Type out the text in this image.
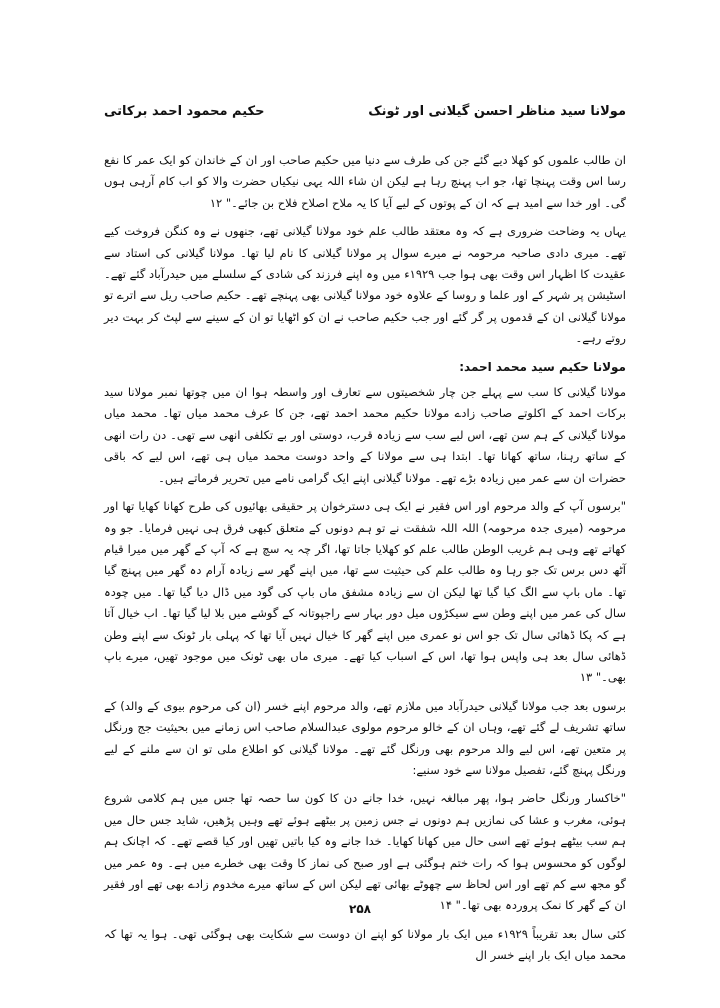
حکیم محمود احمد برکاتی	مولانا سید مناظر احسن گیلانی اور ٹونک

ان طالب علموں کو کھلا دیے گئے جن کی طرف سے دنیا میں حکیم صاحب اور ان کے خاندان کو ایک عمر کا نفع رسا اس وقت پہنچا تھا، جو اب پہنچ رہا ہے لیکن ان شاء اللہ یہی نیکیاں حضرت والا کو اب کام آرہی ہوں گی۔ اور خدا سے امید ہے کہ ان کے پوتوں کے لیے آیا کا یہ ملاح اصلاح فلاح بن جائے۔" ۱۲

یہاں یہ وضاحت ضروری ہے کہ وہ معتقد طالب علم خود مولانا گیلانی تھے، جنھوں نے وہ کنگن فروخت کیے تھے۔ میری دادی صاحبہ مرحومہ نے میرے سوال پر مولانا گیلانی کا نام لیا تھا۔ مولانا گیلانی کی استاد سے عقیدت کا اظہار اس وقت بھی ہوا جب ۱۹۲۹ء میں وہ اپنے فرزند کی شادی کے سلسلے میں حیدرآباد گئے تھے۔ اسٹیشن پر شہر کے اور علما و روسا کے علاوہ خود مولانا گیلانی بھی پہنچے تھے۔ حکیم صاحب ریل سے اترے تو مولانا گیلانی ان کے قدموں پر گر گئے اور جب حکیم صاحب نے ان کو اٹھایا تو ان کے سینے سے لپٹ کر بہت دیر روتے رہے۔

مولانا حکیم سید محمد احمد:

مولانا گیلانی کا سب سے پہلے جن چار شخصیتوں سے تعارف اور واسطہ ہوا ان میں چوتھا نمبر مولانا سید برکات احمد کے اکلوتے صاحب زادے مولانا حکیم محمد احمد تھے، جن کا عرف محمد میاں تھا۔ محمد میاں مولانا گیلانی کے ہم سن تھے، اس لیے سب سے زیادہ قرب، دوستی اور بے تکلفی انھی سے تھی۔ دن رات انھی کے ساتھ رہنا، ساتھ کھانا تھا۔ ابتدا ہی سے مولانا کے واحد دوست محمد میاں ہی تھے، اس لیے کہ باقی حضرات ان سے عمر میں زیادہ بڑے تھے۔ مولانا گیلانی اپنے ایک گرامی نامے میں تحریر فرماتے ہیں۔

"برسوں آپ کے والد مرحوم اور اس فقیر نے ایک ہی دسترخوان پر حقیقی بھائیوں کی طرح کھانا کھایا تھا اور مرحومہ (میری جدہ مرحومہ) اللہ اللہ شفقت نے تو ہم دونوں کے متعلق کبھی فرق ہی نہیں فرمایا۔ جو وہ کھاتے تھے وہی ہم غریب الوطن طالب علم کو کھلایا جاتا تھا، اگر چہ یہ سچ ہے کہ آپ کے گھر میں میرا قیام آٹھ دس برس تک جو رہا وہ طالب علم کی حیثیت سے تھا، میں اپنے گھر سے زیادہ آرام دہ گھر میں پہنچ گیا تھا۔ ماں باپ سے الگ کیا گیا تھا لیکن ان سے زیادہ مشفق ماں باپ کی گود میں ڈال دیا گیا تھا۔ میں چودہ سال کی عمر میں اپنے وطن سے سیکڑوں میل دور بہار سے راجپوتانہ کے گوشے میں بلا لیا گیا تھا۔ اب خیال آتا ہے کہ پکا ڈھائی سال تک جو اس نو عمری میں اپنے گھر کا خیال نہیں آیا تھا کہ پہلی بار ٹونک سے اپنے وطن ڈھائی سال بعد ہی واپس ہوا تھا، اس کے اسباب کیا تھے۔ میری ماں بھی ٹونک میں موجود تھیں، میرے باپ بھی۔" ۱۳

برسوں بعد جب مولانا گیلانی حیدرآباد میں ملازم تھے، والد مرحوم اپنے خسر (ان کی مرحوم بیوی کے والد) کے ساتھ تشریف لے گئے تھے، وہاں ان کے خالو مرحوم مولوی عبدالسلام صاحب اس زمانے میں بحیثیت جج ورنگل پر متعین تھے، اس لیے والد مرحوم بھی ورنگل گئے تھے۔ مولانا گیلانی کو اطلاع ملی تو ان سے ملنے کے لیے ورنگل پہنچ گئے، تفصیل مولانا سے خود سنیے:

"خاکسار ورنگل حاضر ہوا، پھر مبالغہ نہیں، خدا جانے دن کا کون سا حصہ تھا جس میں ہم کلامی شروع ہوئی، مغرب و عشا کی نمازیں ہم دونوں نے جس زمین پر بیٹھے ہوئے تھے وہیں پڑھیں، شاید جس حال میں ہم سب بیٹھے ہوئے تھے اسی حال میں کھانا کھایا۔ خدا جانے وہ کیا باتیں تھیں اور کیا قصے تھے۔ کہ اچانک ہم لوگوں کو محسوس ہوا کہ رات ختم ہوگئی ہے اور صبح کی نماز کا وقت بھی خطرے میں ہے۔ وہ عمر میں گو مجھ سے کم تھے اور اس لحاظ سے چھوٹے بھائی تھے لیکن اس کے ساتھ میرے مخدوم زادے بھی تھے اور فقیر ان کے گھر کا نمک پروردہ بھی تھا۔" ۱۴

کئی سال بعد تقریباً ۱۹۲۹ء میں ایک بار مولانا کو اپنے ان دوست سے شکایت بھی ہوگئی تھی۔ ہوا یہ تھا کہ محمد میاں ایک بار اپنے خسر ال

۲۵۸
